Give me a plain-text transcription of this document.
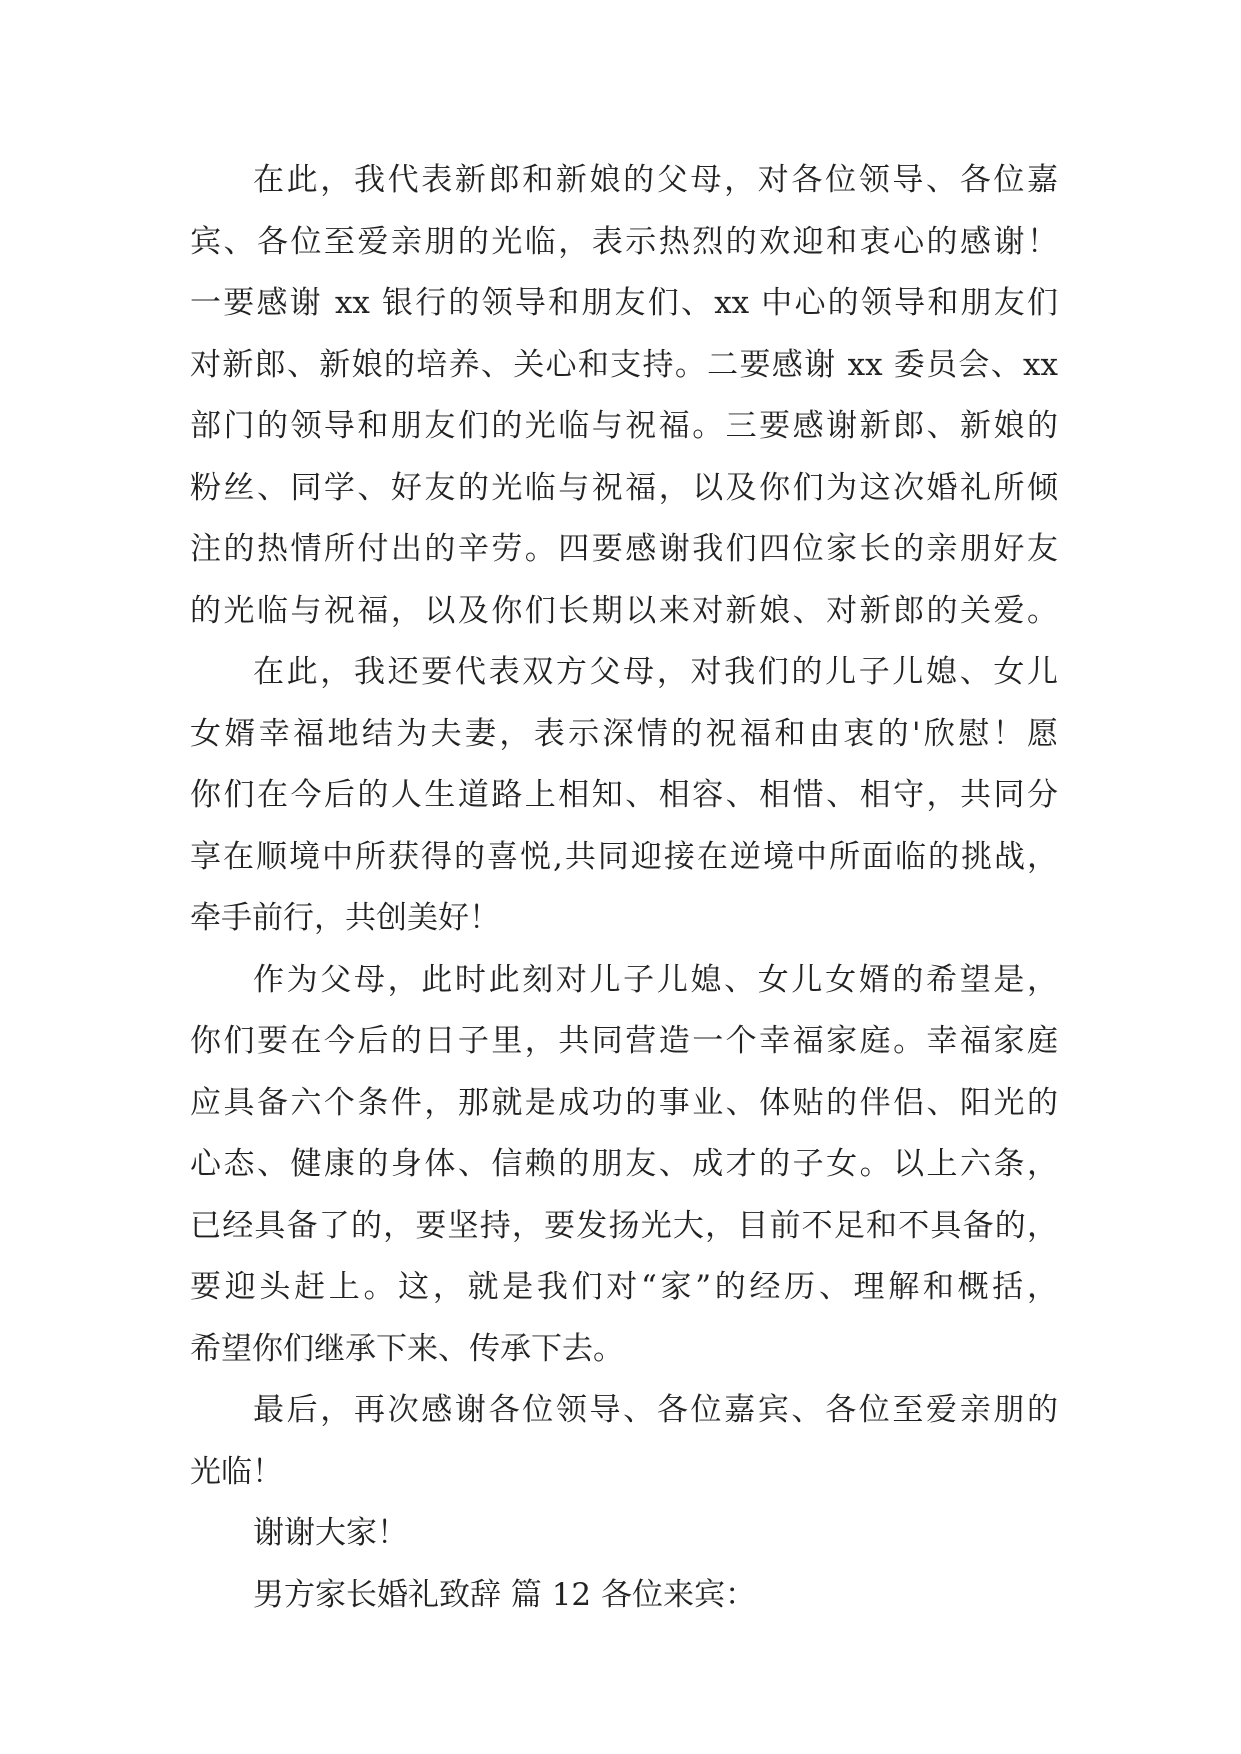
在此，我代表新郎和新娘的父母，对各位领导、各位嘉
宾、各位至爱亲朋的光临，表示热烈的欢迎和衷心的感谢！
一要感谢 xx 银行的领导和朋友们、xx 中心的领导和朋友们
对新郎、新娘的培养、关心和支持。二要感谢 xx 委员会、xx
部门的领导和朋友们的光临与祝福。三要感谢新郎、新娘的
粉丝、同学、好友的光临与祝福，以及你们为这次婚礼所倾
注的热情所付出的辛劳。四要感谢我们四位家长的亲朋好友
的光临与祝福，以及你们长期以来对新娘、对新郎的关爱。
在此，我还要代表双方父母，对我们的儿子儿媳、女儿
女婿幸福地结为夫妻，表示深情的祝福和由衷的'欣慰！愿
你们在今后的人生道路上相知、相容、相惜、相守，共同分
享在顺境中所获得的喜悦,共同迎接在逆境中所面临的挑战，
牵手前行，共创美好！
作为父母，此时此刻对儿子儿媳、女儿女婿的希望是，
你们要在今后的日子里，共同营造一个幸福家庭。幸福家庭
应具备六个条件，那就是成功的事业、体贴的伴侣、阳光的
心态、健康的身体、信赖的朋友、成才的子女。以上六条，
已经具备了的，要坚持，要发扬光大，目前不足和不具备的，
要迎头赶上。这，就是我们对“家”的经历、理解和概括，
希望你们继承下来、传承下去。
最后，再次感谢各位领导、各位嘉宾、各位至爱亲朋的
光临！
谢谢大家！
男方家长婚礼致辞 篇 12 各位来宾：
